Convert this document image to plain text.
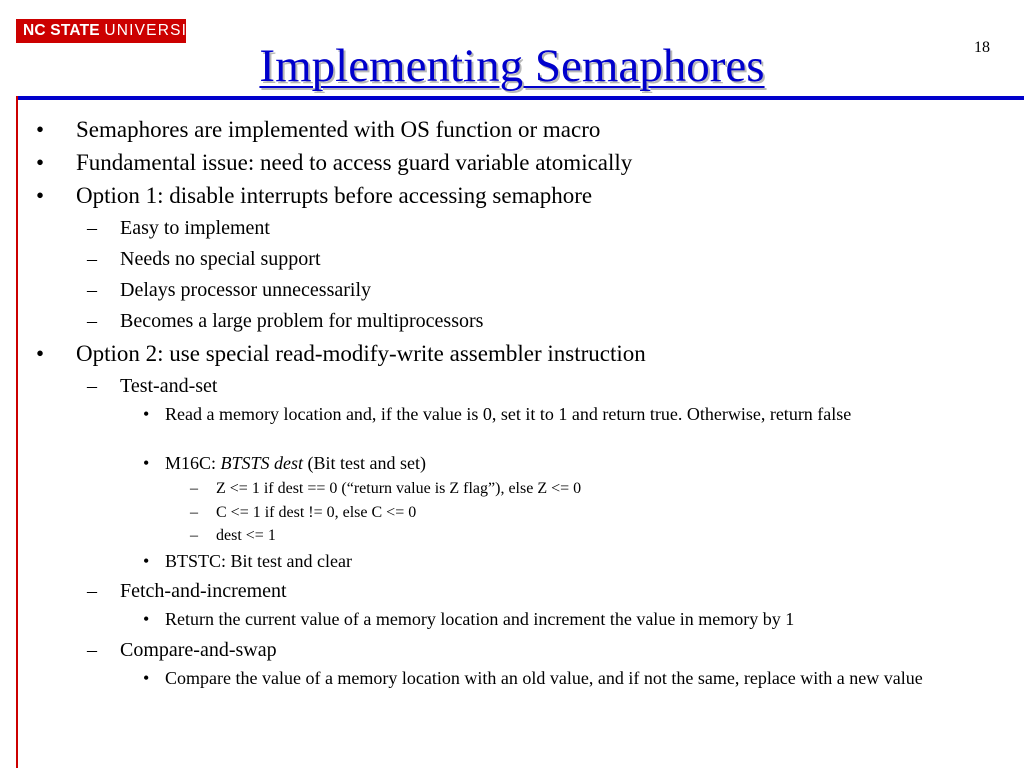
NC STATE UNIVERSITY
Implementing Semaphores	18
• Semaphores are implemented with OS function or macro
• Fundamental issue: need to access guard variable atomically
• Option 1: disable interrupts before accessing semaphore
– Easy to implement
– Needs no special support
– Delays processor unnecessarily
– Becomes a large problem for multiprocessors
• Option 2: use special read-modify-write assembler instruction
– Test-and-set
• Read a memory location and, if the value is 0, set it to 1 and return true. Otherwise, return false
• M16C: BTSTS dest (Bit test and set)
– Z <= 1 if dest == 0 (“return value is Z flag”), else Z <= 0
– C <= 1 if dest != 0, else C <= 0
– dest <= 1
• BTSTC: Bit test and clear
– Fetch-and-increment
• Return the current value of a memory location and increment the value in memory by 1
– Compare-and-swap
• Compare the value of a memory location with an old value, and if not the same, replace with a new value
